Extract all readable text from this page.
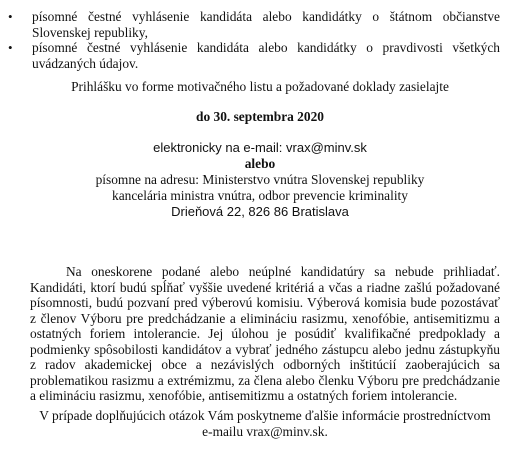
• písomné čestné vyhlásenie kandidáta alebo kandidátky o štátnom občianstve Slovenskej republiky,
• písomné čestné vyhlásenie kandidáta alebo kandidátky o pravdivosti všetkých uvádzaných údajov.
Prihlášku vo forme motivačného listu a požadované doklady zasielajte
do 30. septembra 2020
elektronicky na e-mail: vrax@minv.sk
alebo
písomne na adresu: Ministerstvo vnútra Slovenskej republiky
kancelária ministra vnútra, odbor prevencie kriminality
Drieňová 22, 826 86 Bratislava
Na oneskorene podané alebo neúplné kandidatúry sa nebude prihliadať. Kandidáti, ktorí budú spĺňať vyššie uvedené kritériá a včas a riadne zašlú požadované písomnosti, budú pozvaní pred výberovú komisiu. Výberová komisia bude pozostávať z členov Výboru pre predchádzanie a elimináciu rasizmu, xenofóbie, antisemitizmu a ostatných foriem intolerancie. Jej úlohou je posúdiť kvalifikačné predpoklady a podmienky spôsobilosti kandidátov a vybrať jedného zástupcu alebo jednu zástupkyňu z radov akademickej obce a nezávislých odborných inštitúcií zaoberajúcich sa problematikou rasizmu a extrémizmu, za člena alebo členku Výboru pre predchádzanie a elimináciu rasizmu, xenofóbie, antisemitizmu a ostatných foriem intolerancie.
V prípade doplňujúcich otázok Vám poskytneme ďalšie informácie prostredníctvom
e-mailu vrax@minv.sk.
